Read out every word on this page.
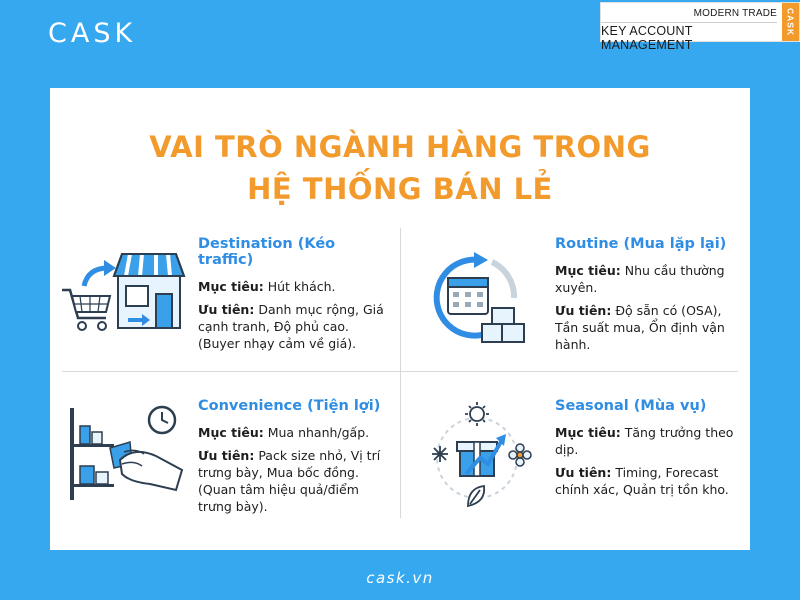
CASK
MODERN TRADE
KEY ACCOUNT MANAGEMENT
CASK
VAI TRÒ NGÀNH HÀNG TRONG
HỆ THỐNG BÁN LẺ
Destination (Kéo traffic)
Mục tiêu: Hút khách.
Ưu tiên: Danh mục rộng, Giá cạnh tranh, Độ phủ cao. (Buyer nhạy cảm về giá).
Routine (Mua lặp lại)
Mục tiêu: Nhu cầu thường xuyên.
Ưu tiên: Độ sẵn có (OSA), Tần suất mua, Ổn định vận hành.
Convenience (Tiện lợi)
Mục tiêu: Mua nhanh/gấp.
Ưu tiên: Pack size nhỏ, Vị trí trưng bày, Mua bốc đồng. (Quan tâm hiệu quả/điểm trưng bày).
Seasonal (Mùa vụ)
Mục tiêu: Tăng trưởng theo dịp.
Ưu tiên: Timing, Forecast chính xác, Quản trị tồn kho.
cask.vn
